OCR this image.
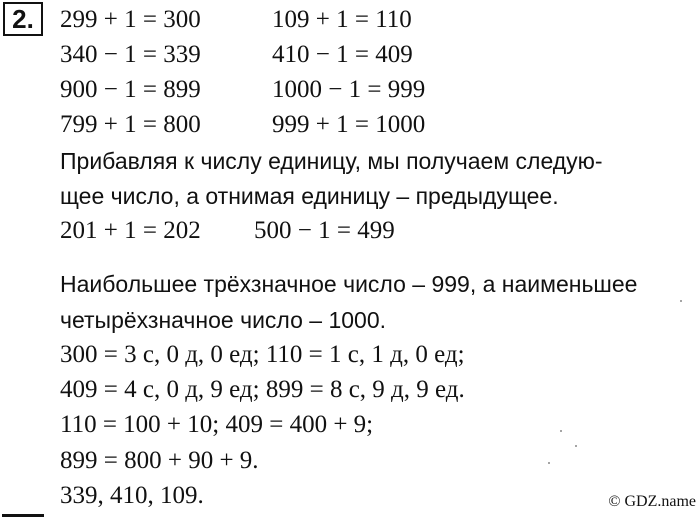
2.	299 + 1 = 300	109 + 1 = 110
340 − 1 = 339	410 − 1 = 409
900 − 1 = 899	1000 − 1 = 999
799 + 1 = 800	999 + 1 = 1000
Прибавляя к числу единицу, мы получаем следую-
щее число, а отнимая единицу – предыдущее.
201 + 1 = 202 500 − 1 = 499
Наибольшее трёхзначное число – 999, а наименьшее
четырёхзначное число – 1000.
300 = 3 с, 0 д, 0 ед; 110 = 1 с, 1 д, 0 ед;
409 = 4 с, 0 д, 9 ед; 899 = 8 с, 9 д, 9 ед.
110 = 100 + 10; 409 = 400 + 9;
899 = 800 + 90 + 9.
339, 410, 109.	© GDZ.name
